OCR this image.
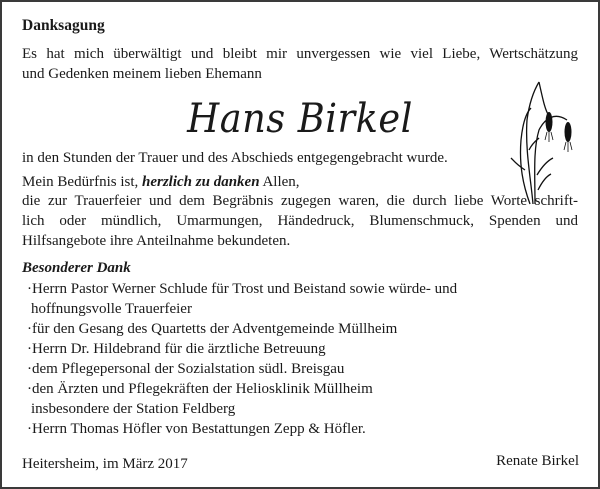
Danksagung
Es hat mich überwältigt und bleibt mir unvergessen wie viel Liebe, Wertschätzung
und Gedenken meinem lieben Ehemann
Hans Birkel
in den Stunden der Trauer und des Abschieds entgegengebracht wurde.
Mein Bedürfnis ist, herzlich zu danken Allen,
die zur Trauerfeier und dem Begräbnis zugegen waren, die durch liebe Worte schrift-
lich oder mündlich, Umarmungen, Händedruck, Blumenschmuck, Spenden und
Hilfsangebote ihre Anteilnahme bekundeten.
Besonderer Dank
·Herrn Pastor Werner Schlude für Trost und Beistand sowie würde- und
hoffnungsvolle Trauerfeier
·für den Gesang des Quartetts der Adventgemeinde Müllheim
·Herrn Dr. Hildebrand für die ärztliche Betreuung
·dem Pflegepersonal der Sozialstation südl. Breisgau
·den Ärzten und Pflegekräften der Heliosklinik Müllheim
insbesondere der Station Feldberg
·Herrn Thomas Höfler von Bestattungen Zepp & Höfler.
Heitersheim, im März 2017	Renate Birkel
